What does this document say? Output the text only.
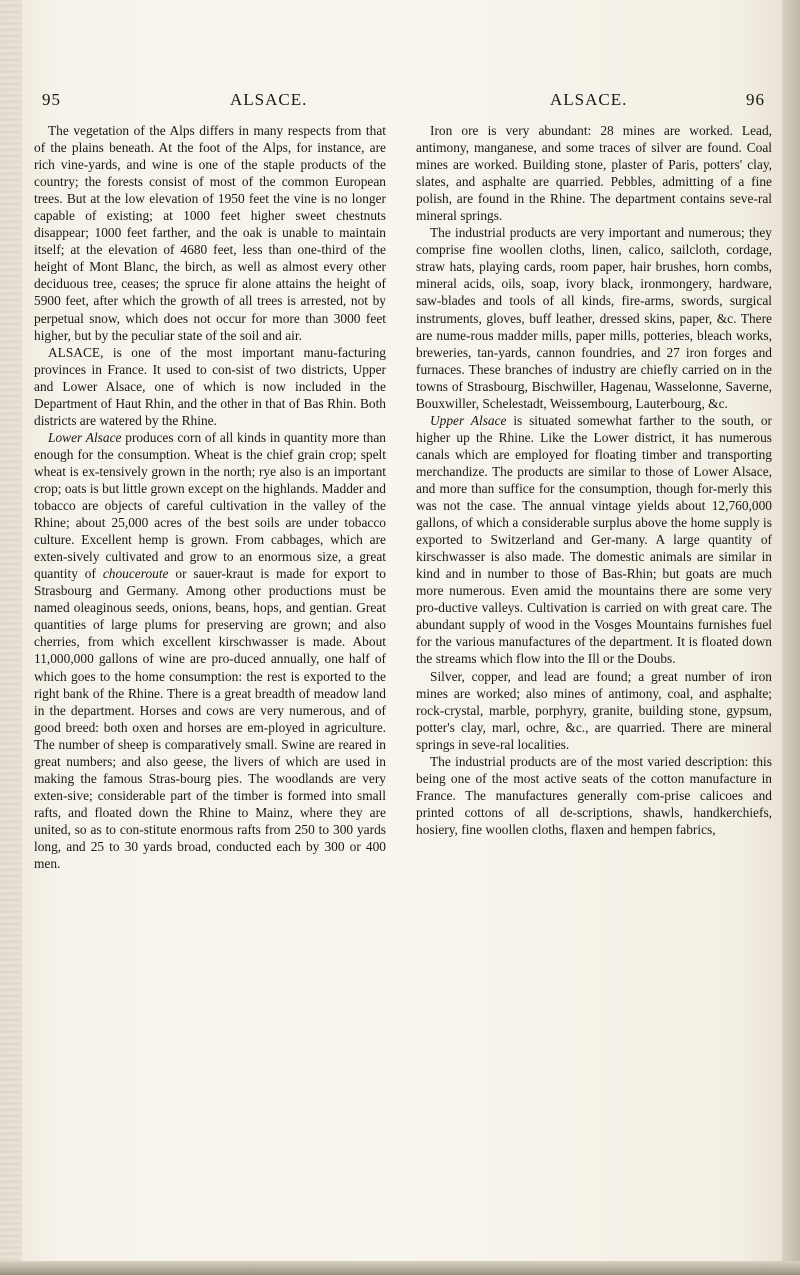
95	ALSACE.	ALSACE.	96

The vegetation of the Alps differs in many respects from that of the plains beneath. At the foot of the Alps, for instance, are rich vine-yards, and wine is one of the staple products of the country; the forests consist of most of the common European trees. But at the low elevation of 1950 feet the vine is no longer capable of existing; at 1000 feet higher sweet chestnuts disappear; 1000 feet farther, and the oak is unable to maintain itself; at the elevation of 4680 feet, less than one-third of the height of Mont Blanc, the birch, as well as almost every other deciduous tree, ceases; the spruce fir alone attains the height of 5900 feet, after which the growth of all trees is arrested, not by perpetual snow, which does not occur for more than 3000 feet higher, but by the peculiar state of the soil and air.

ALSACE, is one of the most important manu-facturing provinces in France. It used to con-sist of two districts, Upper and Lower Alsace, one of which is now included in the Department of Haut Rhin, and the other in that of Bas Rhin. Both districts are watered by the Rhine.

Lower Alsace produces corn of all kinds in quantity more than enough for the consumption. Wheat is the chief grain crop; spelt wheat is ex-tensively grown in the north; rye also is an important crop; oats is but little grown except on the highlands. Madder and tobacco are objects of careful cultivation in the valley of the Rhine; about 25,000 acres of the best soils are under tobacco culture. Excellent hemp is grown. From cabbages, which are exten-sively cultivated and grow to an enormous size, a great quantity of chouceroute or sauer-kraut is made for export to Strasbourg and Germany. Among other productions must be named oleaginous seeds, onions, beans, hops, and gentian. Great quantities of large plums for preserving are grown; and also cherries, from which excellent kirschwasser is made. About 11,000,000 gallons of wine are pro-duced annually, one half of which goes to the home consumption: the rest is exported to the right bank of the Rhine. There is a great breadth of meadow land in the department. Horses and cows are very numerous, and of good breed: both oxen and horses are em-ployed in agriculture. The number of sheep is comparatively small. Swine are reared in great numbers; and also geese, the livers of which are used in making the famous Stras-bourg pies. The woodlands are very exten-sive; considerable part of the timber is formed into small rafts, and floated down the Rhine to Mainz, where they are united, so as to con-stitute enormous rafts from 250 to 300 yards long, and 25 to 30 yards broad, conducted each by 300 or 400 men.

Iron ore is very abundant: 28 mines are worked. Lead, antimony, manganese, and some traces of silver are found. Coal mines are worked. Building stone, plaster of Paris, potters' clay, slates, and asphalte are quarried. Pebbles, admitting of a fine polish, are found in the Rhine. The department contains seve-ral mineral springs.

The industrial products are very important and numerous; they comprise fine woollen cloths, linen, calico, sailcloth, cordage, straw hats, playing cards, room paper, hair brushes, horn combs, mineral acids, oils, soap, ivory black, ironmongery, hardware, saw-blades and tools of all kinds, fire-arms, swords, surgical instruments, gloves, buff leather, dressed skins, paper, &c. There are nume-rous madder mills, paper mills, potteries, bleach works, breweries, tan-yards, cannon foundries, and 27 iron forges and furnaces. These branches of industry are chiefly carried on in the towns of Strasbourg, Bischwiller, Hagenau, Wasselonne, Saverne, Bouxwiller, Schelestadt, Weissembourg, Lauterbourg, &c.

Upper Alsace is situated somewhat farther to the south, or higher up the Rhine. Like the Lower district, it has numerous canals which are employed for floating timber and transporting merchandize. The products are similar to those of Lower Alsace, and more than suffice for the consumption, though for-merly this was not the case. The annual vintage yields about 12,760,000 gallons, of which a considerable surplus above the home supply is exported to Switzerland and Ger-many. A large quantity of kirschwasser is also made. The domestic animals are similar in kind and in number to those of Bas-Rhin; but goats are much more numerous. Even amid the mountains there are some very pro-ductive valleys. Cultivation is carried on with great care. The abundant supply of wood in the Vosges Mountains furnishes fuel for the various manufactures of the department. It is floated down the streams which flow into the Ill or the Doubs.

Silver, copper, and lead are found; a great number of iron mines are worked; also mines of antimony, coal, and asphalte; rock-crystal, marble, porphyry, granite, building stone, gypsum, potter's clay, marl, ochre, &c., are quarried. There are mineral springs in seve-ral localities.

The industrial products are of the most varied description: this being one of the most active seats of the cotton manufacture in France. The manufactures generally com-prise calicoes and printed cottons of all de-scriptions, shawls, handkerchiefs, hosiery, fine woollen cloths, flaxen and hempen fabrics,
